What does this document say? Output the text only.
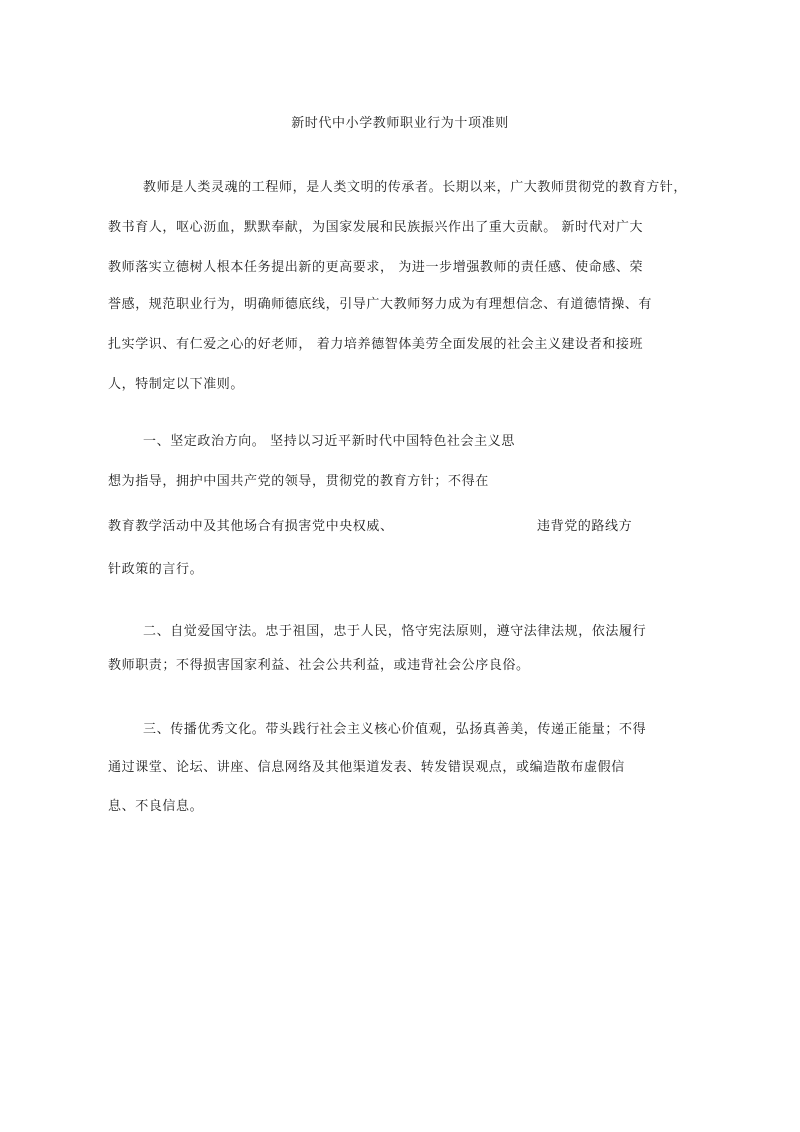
新时代中小学教师职业行为十项准则
教师是人类灵魂的工程师，是人类文明的传承者。长期以来，广大教师贯彻党的教育方针，
教书育人，呕心沥血，默默奉献，为国家发展和民族振兴作出了重大贡献。 新时代对广大
教师落实立德树人根本任务提出新的更高要求， 为进一步增强教师的责任感、使命感、荣
誉感，规范职业行为，明确师德底线，引导广大教师努力成为有理想信念、有道德情操、有
扎实学识、有仁爱之心的好老师， 着力培养德智体美劳全面发展的社会主义建设者和接班
人，特制定以下准则。
一、坚定政治方向。 坚持以习近平新时代中国特色社会主义思
想为指导，拥护中国共产党的领导，贯彻党的教育方针；不得在
教育教学活动中及其他场合有损害党中央权威、	违背党的路线方
针政策的言行。
二、自觉爱国守法。忠于祖国，忠于人民，恪守宪法原则，遵守法律法规，依法履行
教师职责；不得损害国家利益、社会公共利益，或违背社会公序良俗。
三、传播优秀文化。带头践行社会主义核心价值观，弘扬真善美，传递正能量；不得
通过课堂、论坛、讲座、信息网络及其他渠道发表、转发错误观点，或编造散布虚假信
息、不良信息。
